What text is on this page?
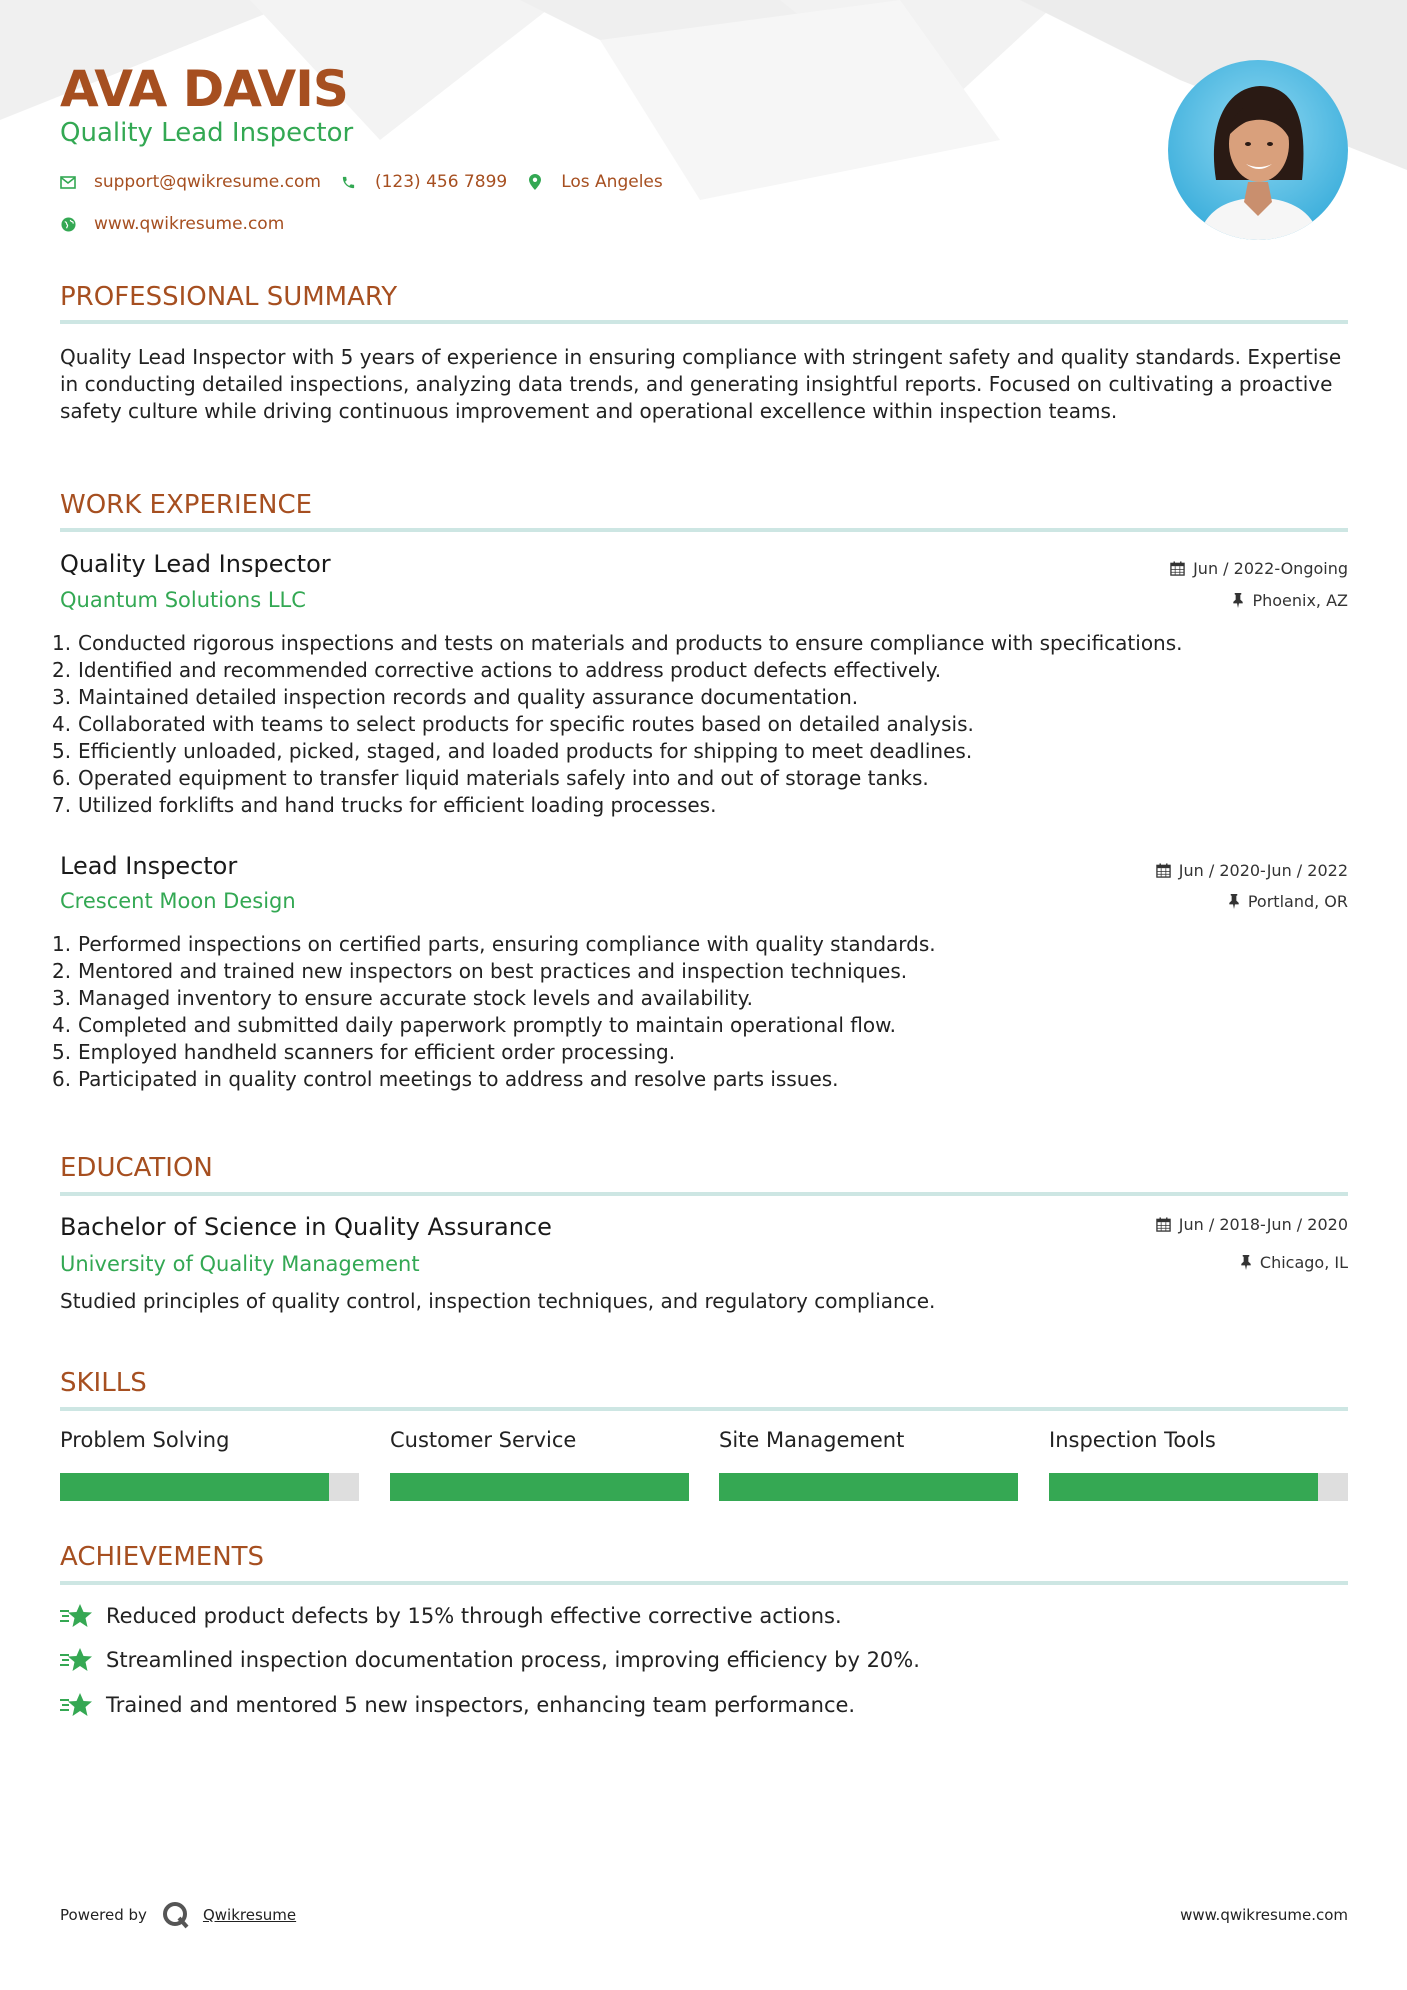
AVA DAVIS
Quality Lead Inspector
support@qwikresume.com	(123) 456 7899	Los Angeles
www.qwikresume.com
PROFESSIONAL SUMMARY

Quality Lead Inspector with 5 years of experience in ensuring compliance with stringent safety and quality standards. Expertise in conducting detailed inspections, analyzing data trends, and generating insightful reports. Focused on cultivating a proactive safety culture while driving continuous improvement and operational excellence within inspection teams.

WORK EXPERIENCE
Quality Lead Inspector
Quantum Solutions LLC
Jun / 2022-Ongoing
Phoenix, AZ
1. Conducted rigorous inspections and tests on materials and products to ensure compliance with specifications.
2. Identified and recommended corrective actions to address product defects effectively.
3. Maintained detailed inspection records and quality assurance documentation.
4. Collaborated with teams to select products for specific routes based on detailed analysis.
5. Efficiently unloaded, picked, staged, and loaded products for shipping to meet deadlines.
6. Operated equipment to transfer liquid materials safely into and out of storage tanks.
7. Utilized forklifts and hand trucks for efficient loading processes.
Lead Inspector
Crescent Moon Design
Jun / 2020-Jun / 2022
Portland, OR
1. Performed inspections on certified parts, ensuring compliance with quality standards.
2. Mentored and trained new inspectors on best practices and inspection techniques.
3. Managed inventory to ensure accurate stock levels and availability.
4. Completed and submitted daily paperwork promptly to maintain operational flow.
5. Employed handheld scanners for efficient order processing.
6. Participated in quality control meetings to address and resolve parts issues.
EDUCATION
Bachelor of Science in Quality Assurance
University of Quality Management
Jun / 2018-Jun / 2020
Chicago, IL

Studied principles of quality control, inspection techniques, and regulatory compliance.

SKILLS
Problem Solving	Customer Service	Site Management	Inspection Tools
ACHIEVEMENTS
Reduced product defects by 15% through effective corrective actions.
Streamlined inspection documentation process, improving efficiency by 20%.
Trained and mentored 5 new inspectors, enhancing team performance.
Powered by	Qwikresume	www.qwikresume.com
